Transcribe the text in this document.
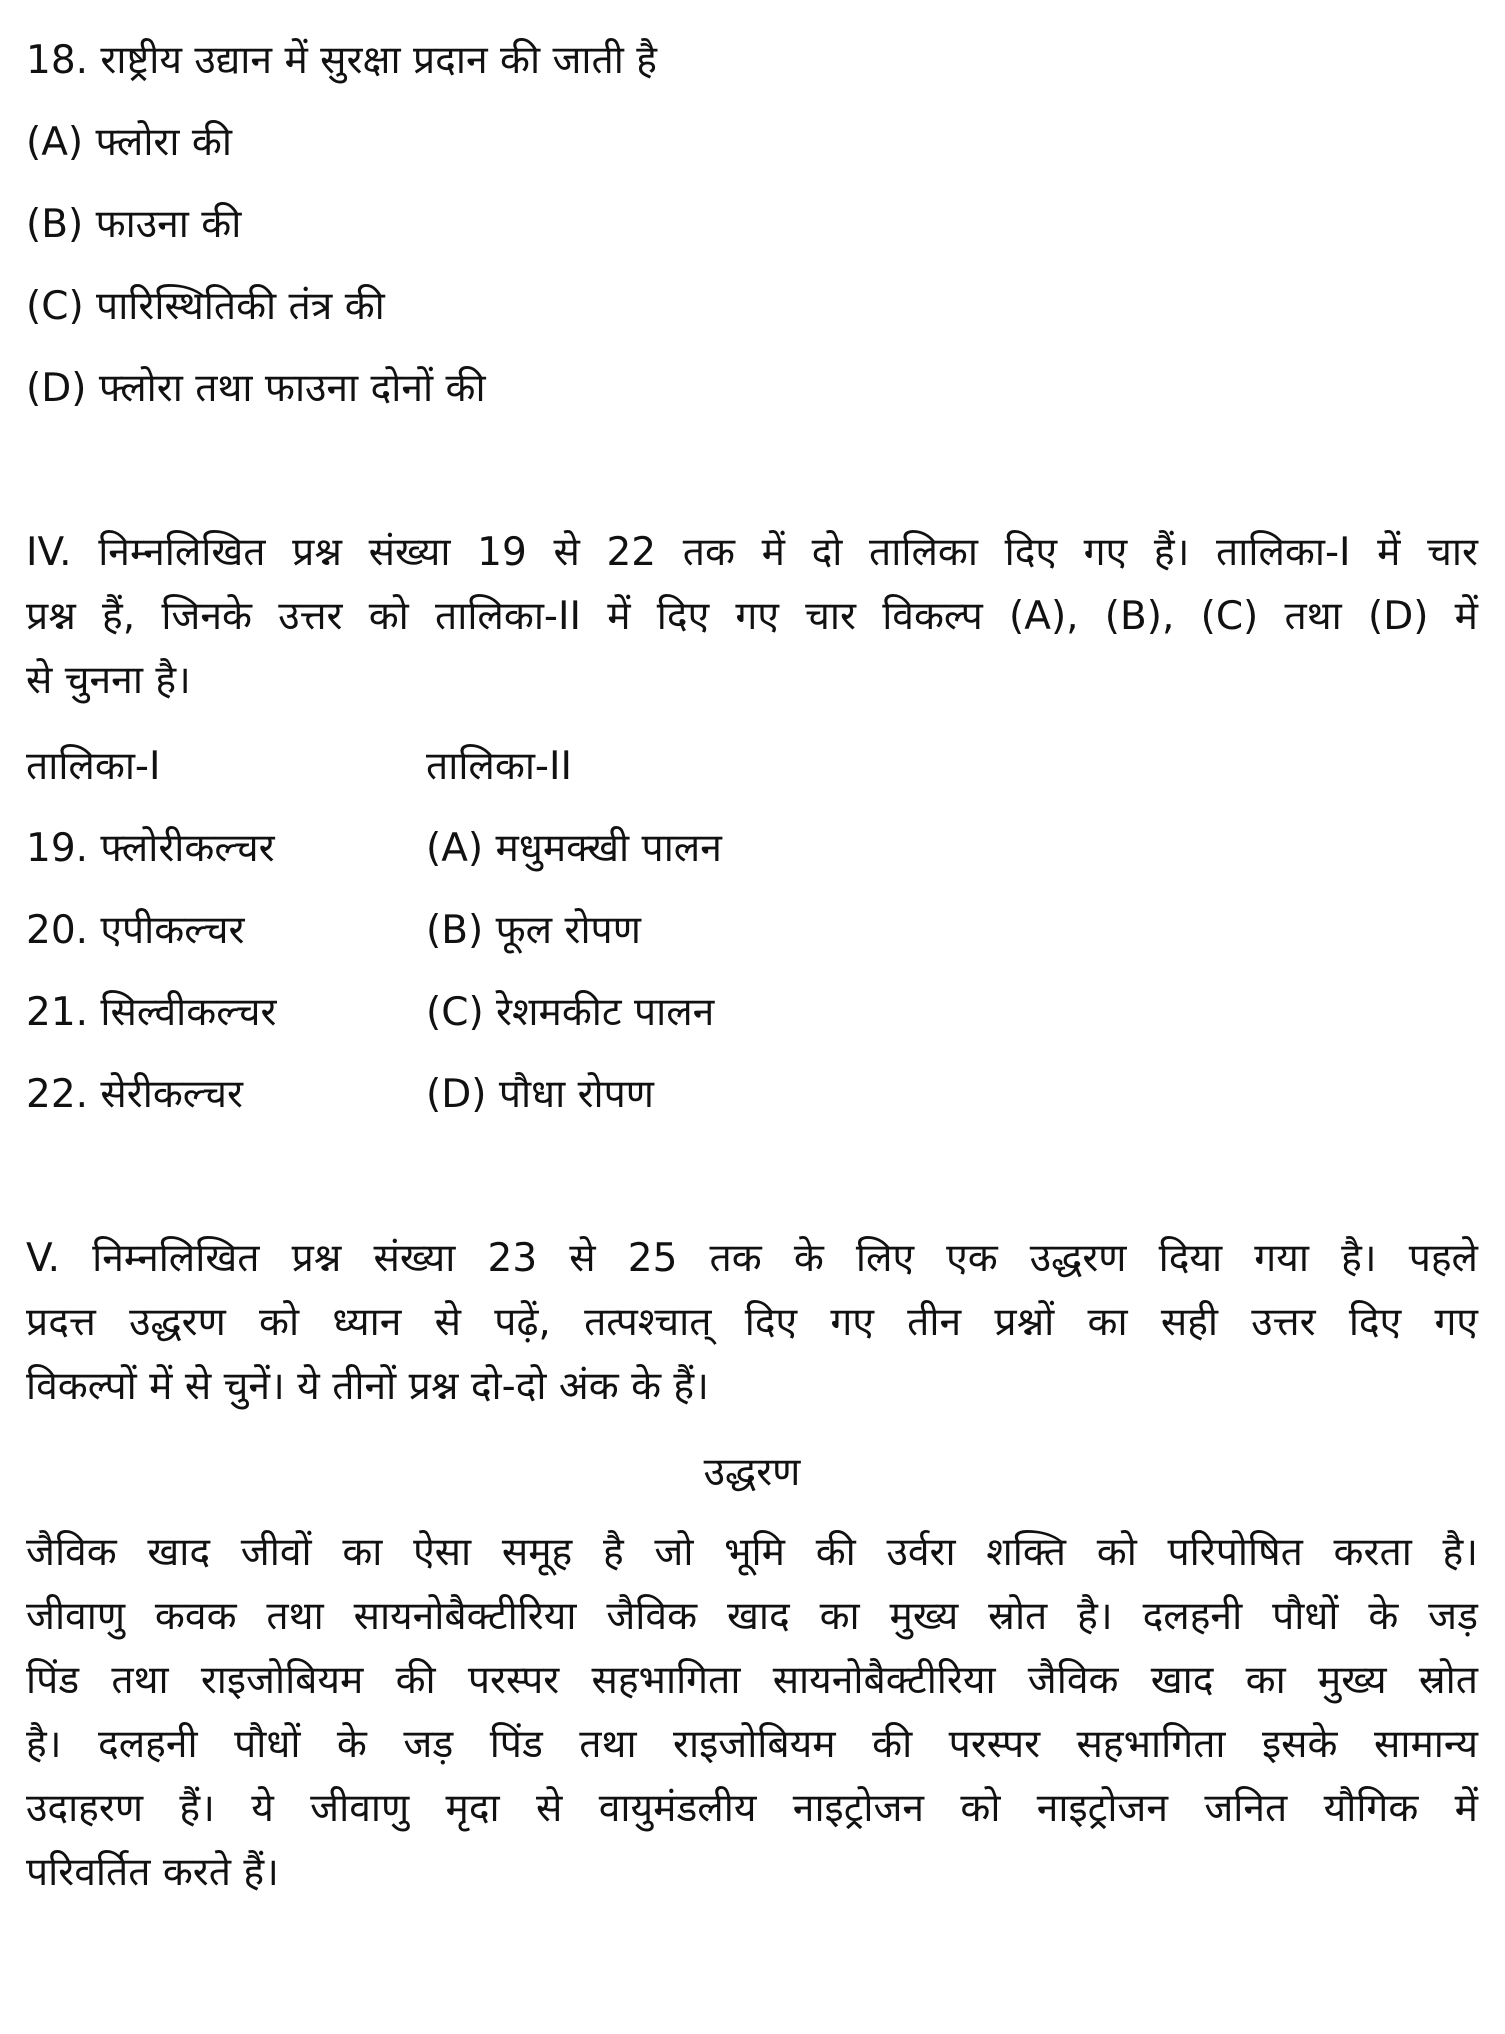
18. राष्ट्रीय उद्यान में सुरक्षा प्रदान की जाती है
(A) फ्लोरा की
(B) फाउना की
(C) पारिस्थितिकी तंत्र की
(D) फ्लोरा तथा फाउना दोनों की
IV. निम्नलिखित प्रश्न संख्या 19 से 22 तक में दो तालिका दिए गए हैं। तालिका-I में चार
प्रश्न हैं, जिनके उत्तर को तालिका-II में दिए गए चार विकल्प (A), (B), (C) तथा (D) में
से चुनना है।
तालिका-I	तालिका-II
19. फ्लोरीकल्चर	(A) मधुमक्खी पालन
20. एपीकल्चर	(B) फूल रोपण
21. सिल्वीकल्चर	(C) रेशमकीट पालन
22. सेरीकल्चर	(D) पौधा रोपण
V. निम्नलिखित प्रश्न संख्या 23 से 25 तक के लिए एक उद्धरण दिया गया है। पहले
प्रदत्त उद्धरण को ध्यान से पढ़ें, तत्पश्चात् दिए गए तीन प्रश्नों का सही उत्तर दिए गए
विकल्पों में से चुनें। ये तीनों प्रश्न दो-दो अंक के हैं।
उद्धरण
जैविक खाद जीवों का ऐसा समूह है जो भूमि की उर्वरा शक्ति को परिपोषित करता है।
जीवाणु कवक तथा सायनोबैक्टीरिया जैविक खाद का मुख्य स्रोत है। दलहनी पौधों के जड़
पिंड तथा राइजोबियम की परस्पर सहभागिता सायनोबैक्टीरिया जैविक खाद का मुख्य स्रोत
है। दलहनी पौधों के जड़ पिंड तथा राइजोबियम की परस्पर सहभागिता इसके सामान्य
उदाहरण हैं। ये जीवाणु मृदा से वायुमंडलीय नाइट्रोजन को नाइट्रोजन जनित यौगिक में
परिवर्तित करते हैं।
